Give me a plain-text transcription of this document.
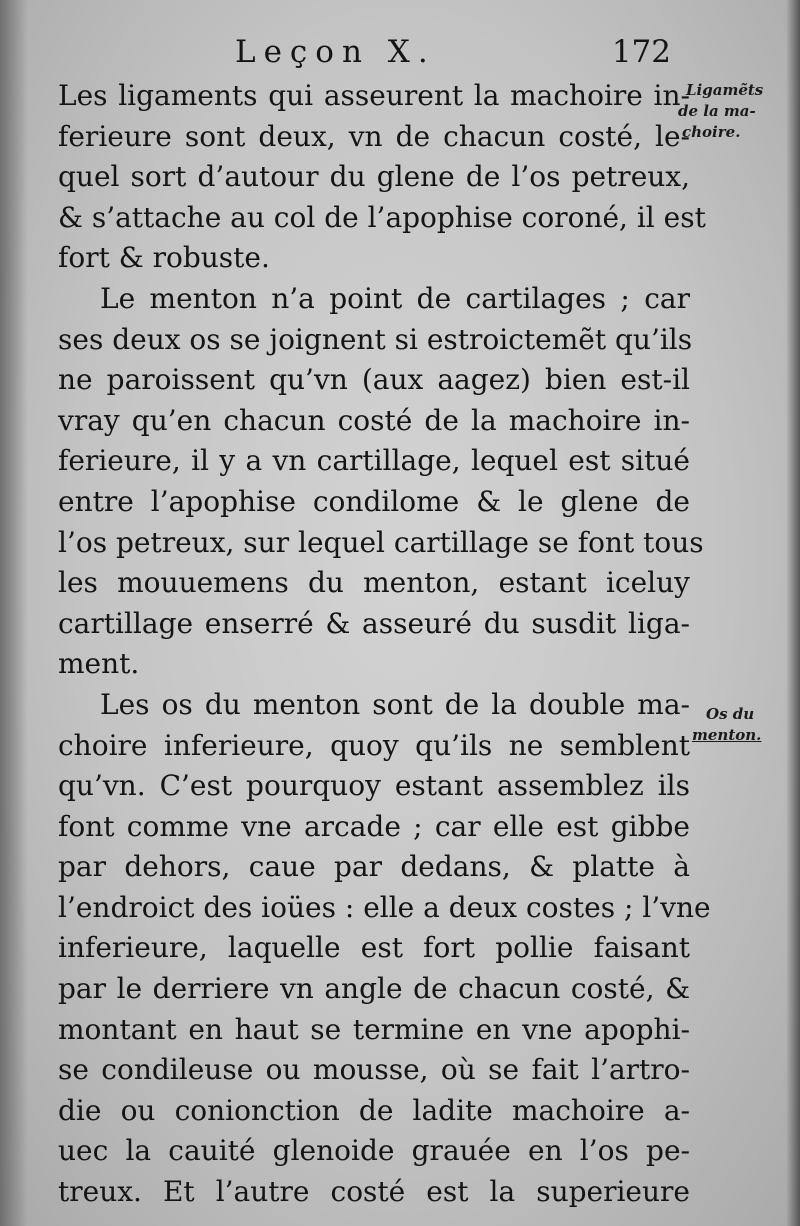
Leçon X.	172
Ligamẽts
de la ma-
choire.
Os du
menton.
Les ligaments qui asseurent la machoire in-
ferieure sont deux, vn de chacun costé, le-
quel sort d’autour du glene de l’os petreux,
& s’attache au col de l’apophise coroné, il est
fort & robuste.
Le menton n’a point de cartilages ; car
ses deux os se joignent si estroictemẽt qu’ils
ne paroissent qu’vn (aux aagez) bien est-il
vray qu’en chacun costé de la machoire in-
ferieure, il y a vn cartillage, lequel est situé
entre l’apophise condilome & le glene de
l’os petreux, sur lequel cartillage se font tous
les mouuemens du menton, estant iceluy
cartillage enserré & asseuré du susdit liga-
ment.
Les os du menton sont de la double ma-
choire inferieure, quoy qu’ils ne semblent
qu’vn. C’est pourquoy estant assemblez ils
font comme vne arcade ; car elle est gibbe
par dehors, caue par dedans, & platte à
l’endroict des ioües : elle a deux costes ; l’vne
inferieure, laquelle est fort pollie faisant
par le derriere vn angle de chacun costé, &
montant en haut se termine en vne apophi-
se condileuse ou mousse, où se fait l’artro-
die ou conionction de ladite machoire a-
uec la cauité glenoide grauée en l’os pe-
treux. Et l’autre costé est la superieure
